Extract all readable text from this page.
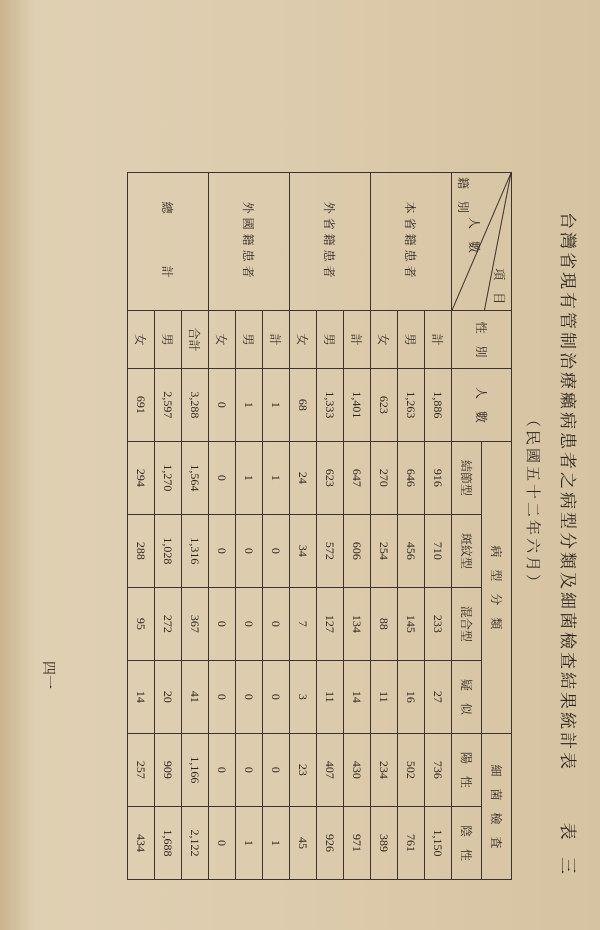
台灣省現有管制治療癩病患者之病型分類及細菌檢查結果統計表
表 三
（民國五十二年六月）
項　目
人　數
籍　別	性　別	人　數	病　型　分　類				細　菌　檢　査	
			結節型	斑紋型	混合型	疑　似	陽　性	陰　性
本省籍患者	計	1,886	916	710	233	27	736	1,150
	男	1,263	646	456	145	16	502	761
	女	623	270	254	88	11	234	389
外省籍患者	計	1,401	647	606	134	14	430	971
	男	1,333	623	572	127	11	407	926
	女	68	24	34	7	3	23	45
外國籍患者	計	1	1	0	0	0	0	1
	男	1	1	0	0	0	0	1
	女	0	0	0	0	0	0	0
總　　　計	合計	3,288	1,564	1,316	367	41	1,166	2,122
	男	2,597	1,270	1,028	272	20	909	1,688
	女	691	294	288	95	14	257	434
四一
